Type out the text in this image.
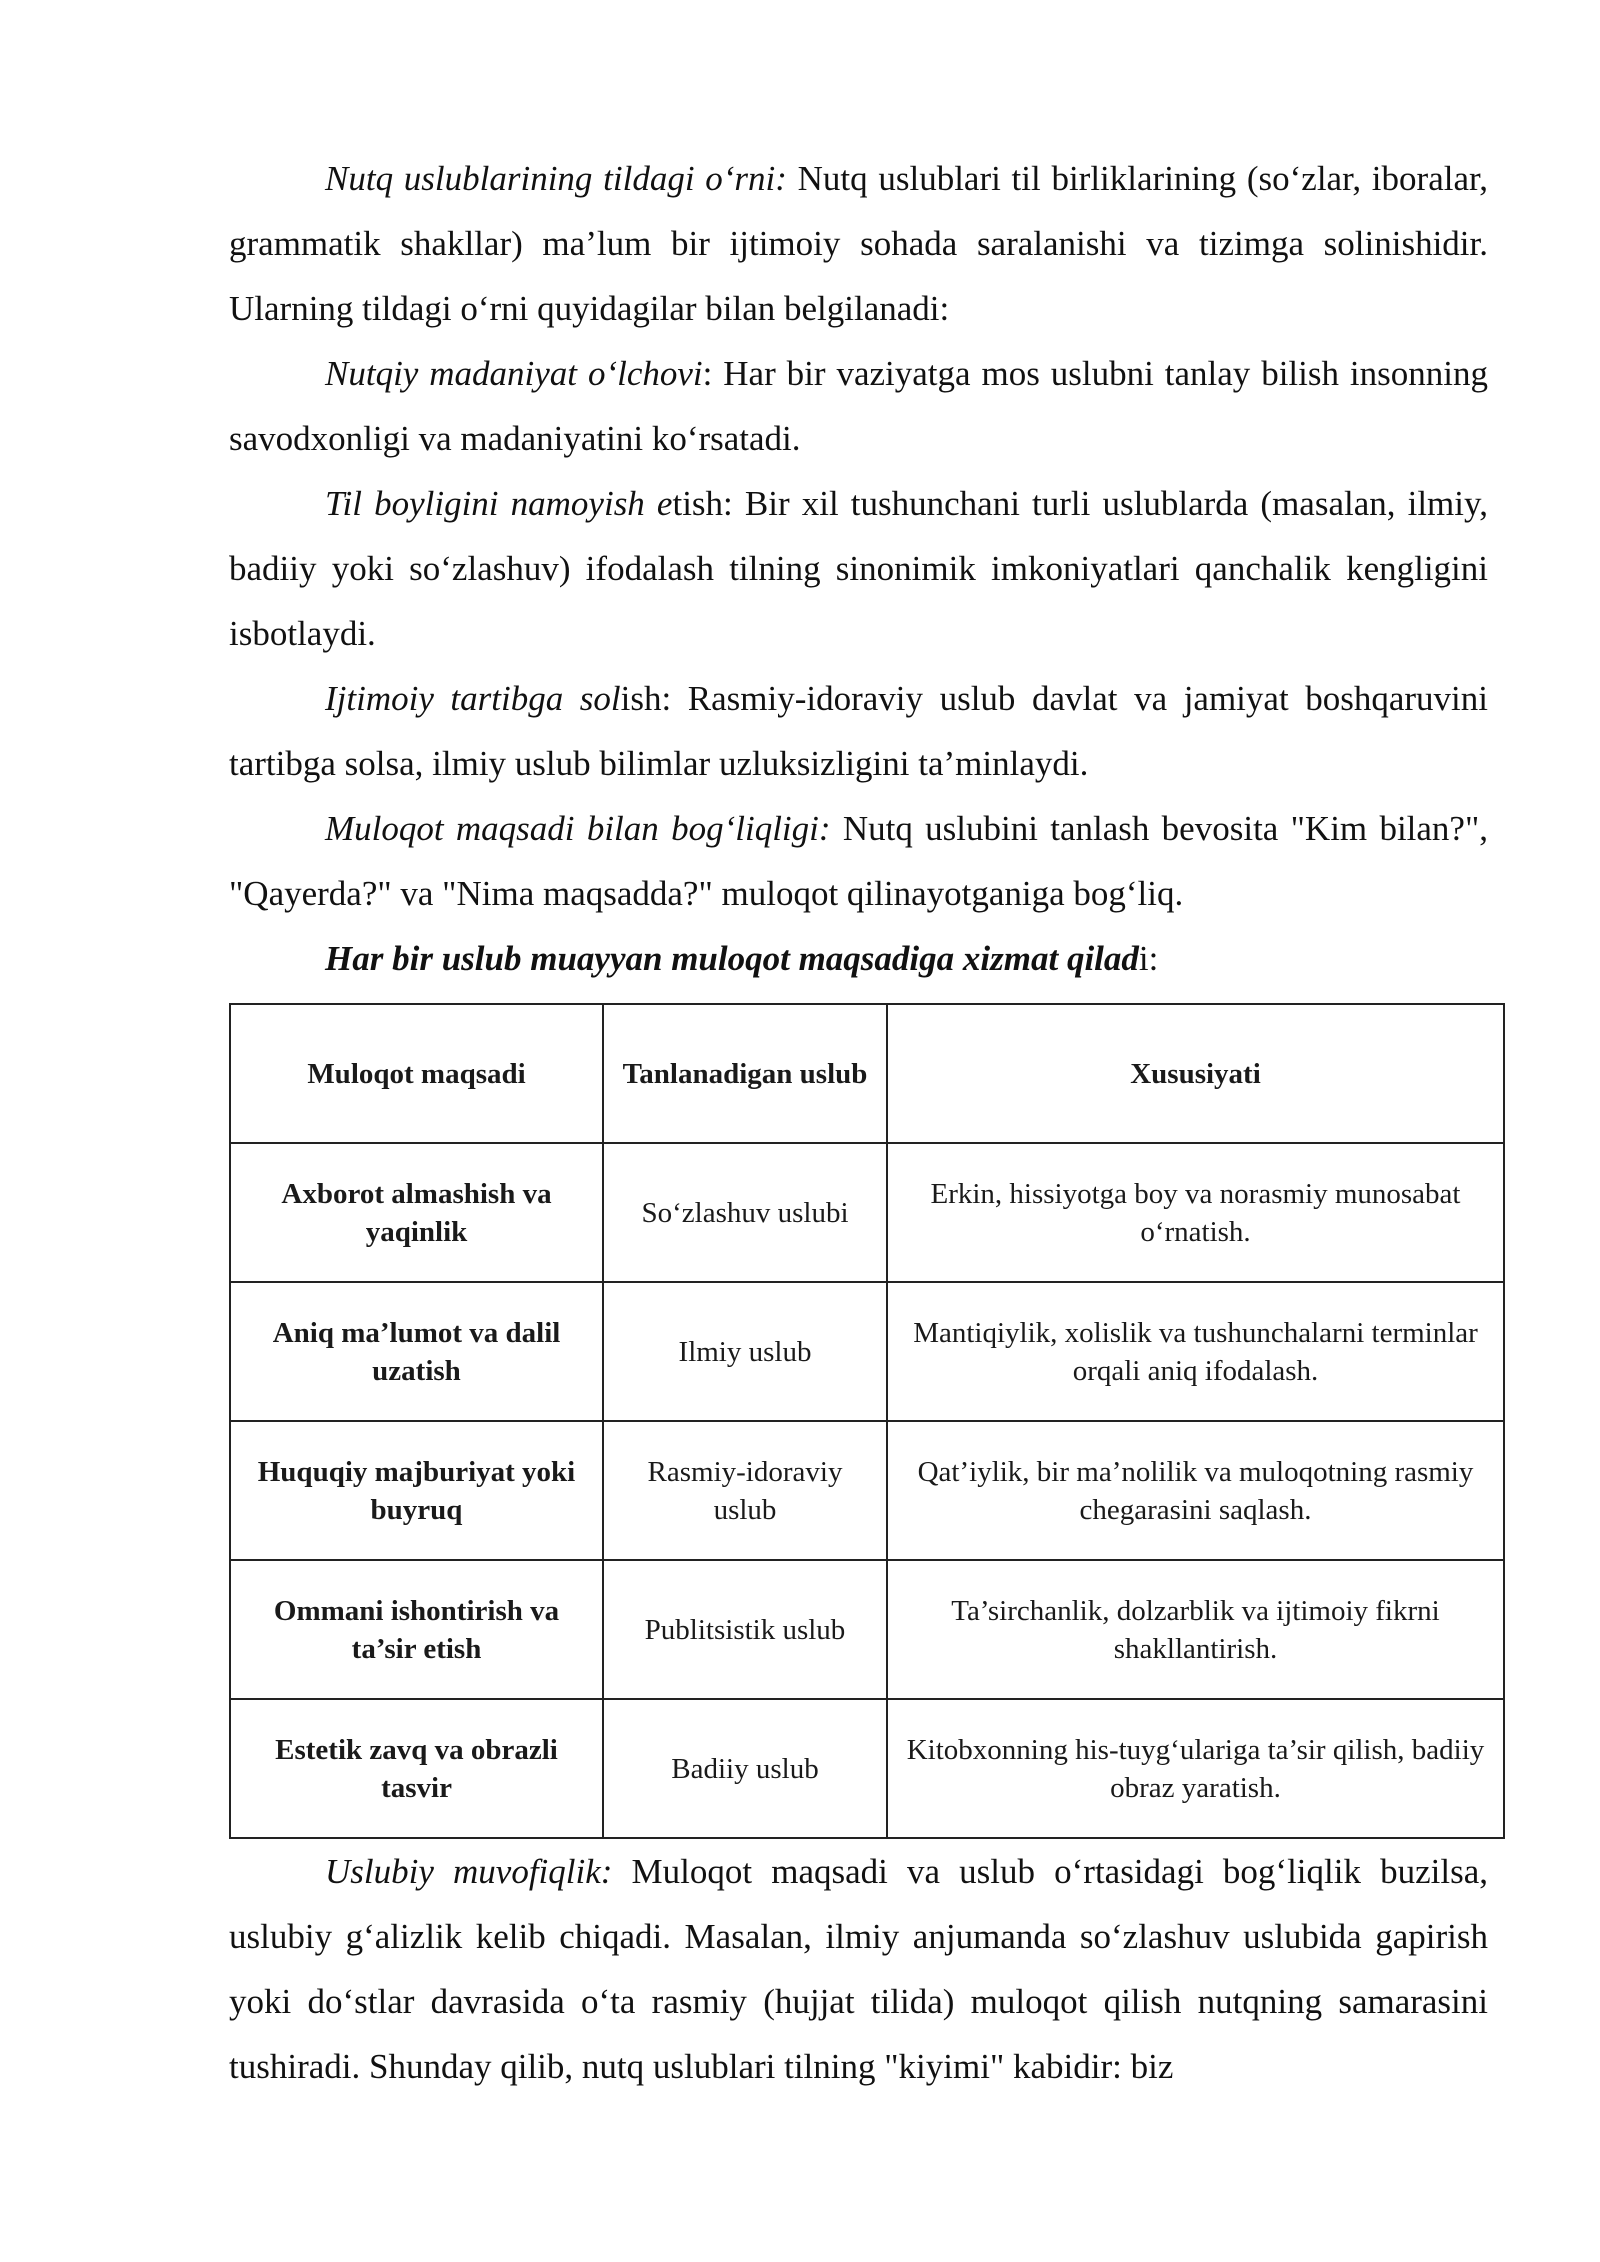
Nutq uslublarining tildagi o‘rni: Nutq uslublari til birliklarining (so‘zlar, iboralar, grammatik shakllar) ma’lum bir ijtimoiy sohada saralanishi va tizimga solinishidir. Ularning tildagi o‘rni quyidagilar bilan belgilanadi:

Nutqiy madaniyat o‘lchovi: Har bir vaziyatga mos uslubni tanlay bilish insonning savodxonligi va madaniyatini ko‘rsatadi.

Til boyligini namoyish etish: Bir xil tushunchani turli uslublarda (masalan, ilmiy, badiiy yoki so‘zlashuv) ifodalash tilning sinonimik imkoniyatlari qanchalik kengligini isbotlaydi.

Ijtimoiy tartibga solish: Rasmiy-idoraviy uslub davlat va jamiyat boshqaruvini tartibga solsa, ilmiy uslub bilimlar uzluksizligini ta’minlaydi.

Muloqot maqsadi bilan bog‘liqligi: Nutq uslubini tanlash bevosita "Kim bilan?", "Qayerda?" va "Nima maqsadda?" muloqot qilinayotganiga bog‘liq.

Har bir uslub muayyan muloqot maqsadiga xizmat qiladi:

Muloqot maqsadi	Tanlanadigan uslub	Xususiyati
Axborot almashish va yaqinlik	So‘zlashuv uslubi	Erkin, hissiyotga boy va norasmiy munosabat o‘rnatish.
Aniq ma’lumot va dalil uzatish	Ilmiy uslub	Mantiqiylik, xolislik va tushunchalarni terminlar orqali aniq ifodalash.
Huquqiy majburiyat yoki buyruq	Rasmiy-idoraviy uslub	Qat’iylik, bir ma’nolilik va muloqotning rasmiy chegarasini saqlash.
Ommani ishontirish va ta’sir etish	Publitsistik uslub	Ta’sirchanlik, dolzarblik va ijtimoiy fikrni shakllantirish.
Estetik zavq va obrazli tasvir	Badiiy uslub	Kitobxonning his-tuyg‘ulariga ta’sir qilish, badiiy obraz yaratish.

Uslubiy muvofiqlik: Muloqot maqsadi va uslub o‘rtasidagi bog‘liqlik buzilsa, uslubiy g‘alizlik kelib chiqadi. Masalan, ilmiy anjumanda so‘zlashuv uslubida gapirish yoki do‘stlar davrasida o‘ta rasmiy (hujjat tilida) muloqot qilish nutqning samarasini tushiradi. Shunday qilib, nutq uslublari tilning "kiyimi" kabidir: biz
